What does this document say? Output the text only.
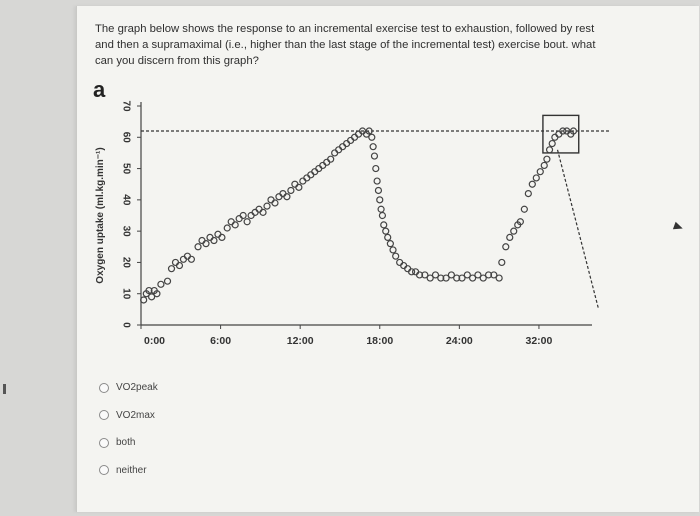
The graph below shows the response to an incremental exercise test to exhaustion, followed by rest and then a supramaximal (i.e., higher than the last stage of the incremental test) exercise bout. what can you discern from this graph?

VO2peak
VO2max
both
neither
a
0
10
20
30
40
50
60
70
Oxygen uptake (ml.kg.min⁻¹)
0:00	6:00	12:00	18:00	24:00	32:00
